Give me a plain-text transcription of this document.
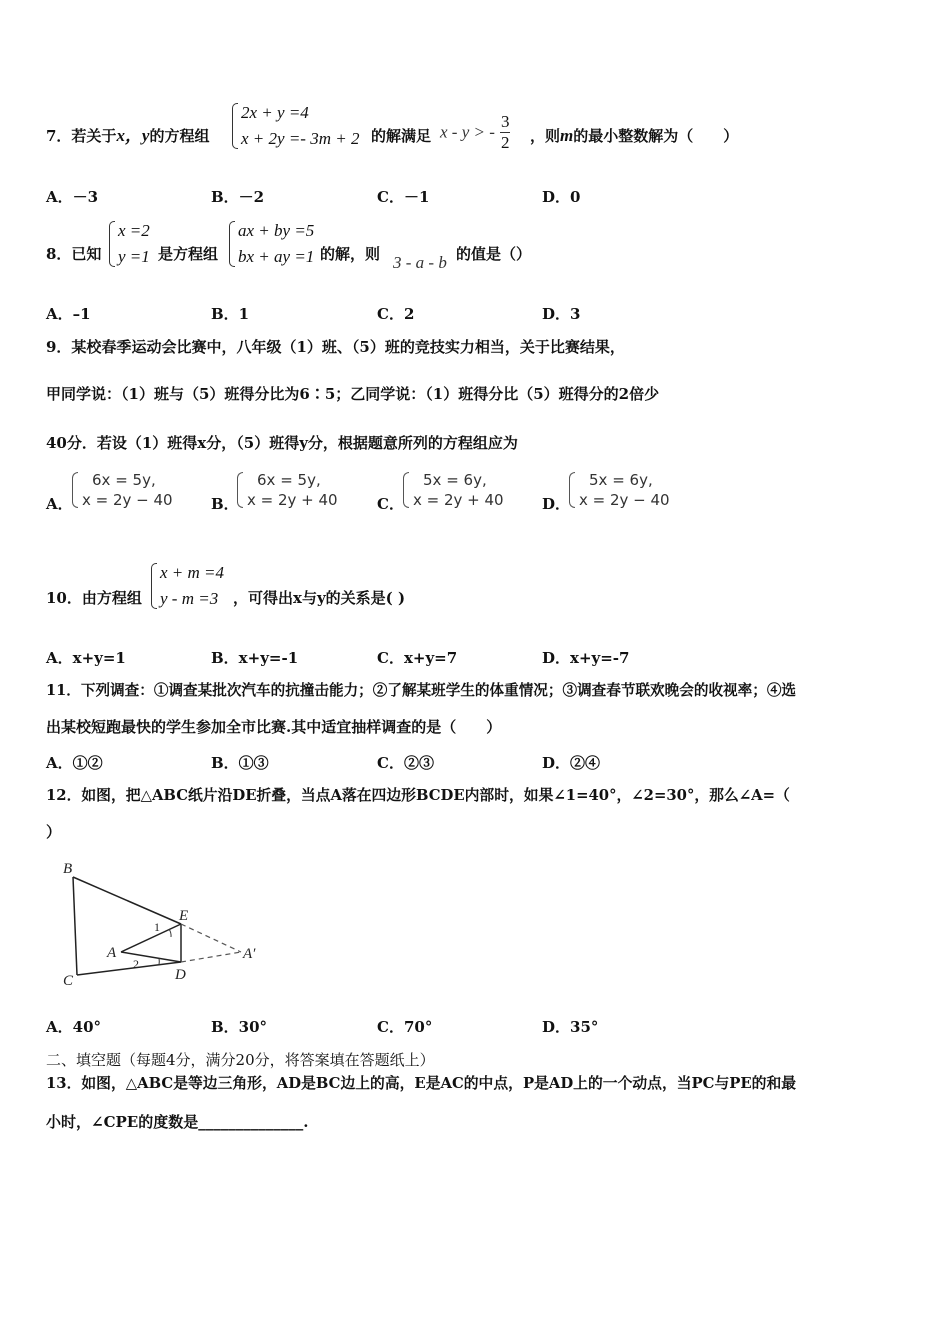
7．若关于x，y的方程组
2x + y =4
x + 2y =- 3m + 2 的解满足 x - y > - $\frac{3}{2}$ ，则m的最小整数解为（　　）
A．－3	B．－2	C．－1	D．0
8．已知
x =2
y =1 是方程组
ax + by =5
bx + ay =1 的解，则 3 - a - b 的值是（）
A．–1	B．1	C．2	D．3
9．某校春季运动会比赛中，八年级（1）班、（5）班的竞技实力相当，关于比赛结果，
甲同学说：（1）班与（5）班得分比为6∶5；乙同学说：（1）班得分比（5）班得分的2倍少
40分．若设（1）班得x分，（5）班得y分，根据题意所列的方程组应为
A．
6x = 5y,
x = 2y − 40	B．
6x = 5y,
x = 2y + 40	C．
5x = 6y,
x = 2y + 40	D．
5x = 6y,
x = 2y − 40
10．由方程组
x + m =4
y - m =3 ，可得出x与y的关系是( )
A．x+y=1	B．x+y=-1	C．x+y=7	D．x+y=-7
11．下列调查：①调查某批次汽车的抗撞击能力；②了解某班学生的体重情况；③调查春节联欢晚会的收视率；④选
出某校短跑最快的学生参加全市比赛.其中适宜抽样调查的是（　　）
A．①②	B．①③	C．②③	D．②④
12．如图，把△ABC纸片沿DE折叠，当点A落在四边形BCDE内部时，如果∠1=40°，∠2=30°，那么∠A=（
）
B
C
E
D
A	A′
1
2
A．40°	B．30°	C．70°	D．35°
二、填空题（每题4分，满分20分，将答案填在答题纸上）
13．如图，△ABC是等边三角形，AD是BC边上的高，E是AC的中点，P是AD上的一个动点，当PC与PE的和最
小时，∠CPE的度数是______________.
